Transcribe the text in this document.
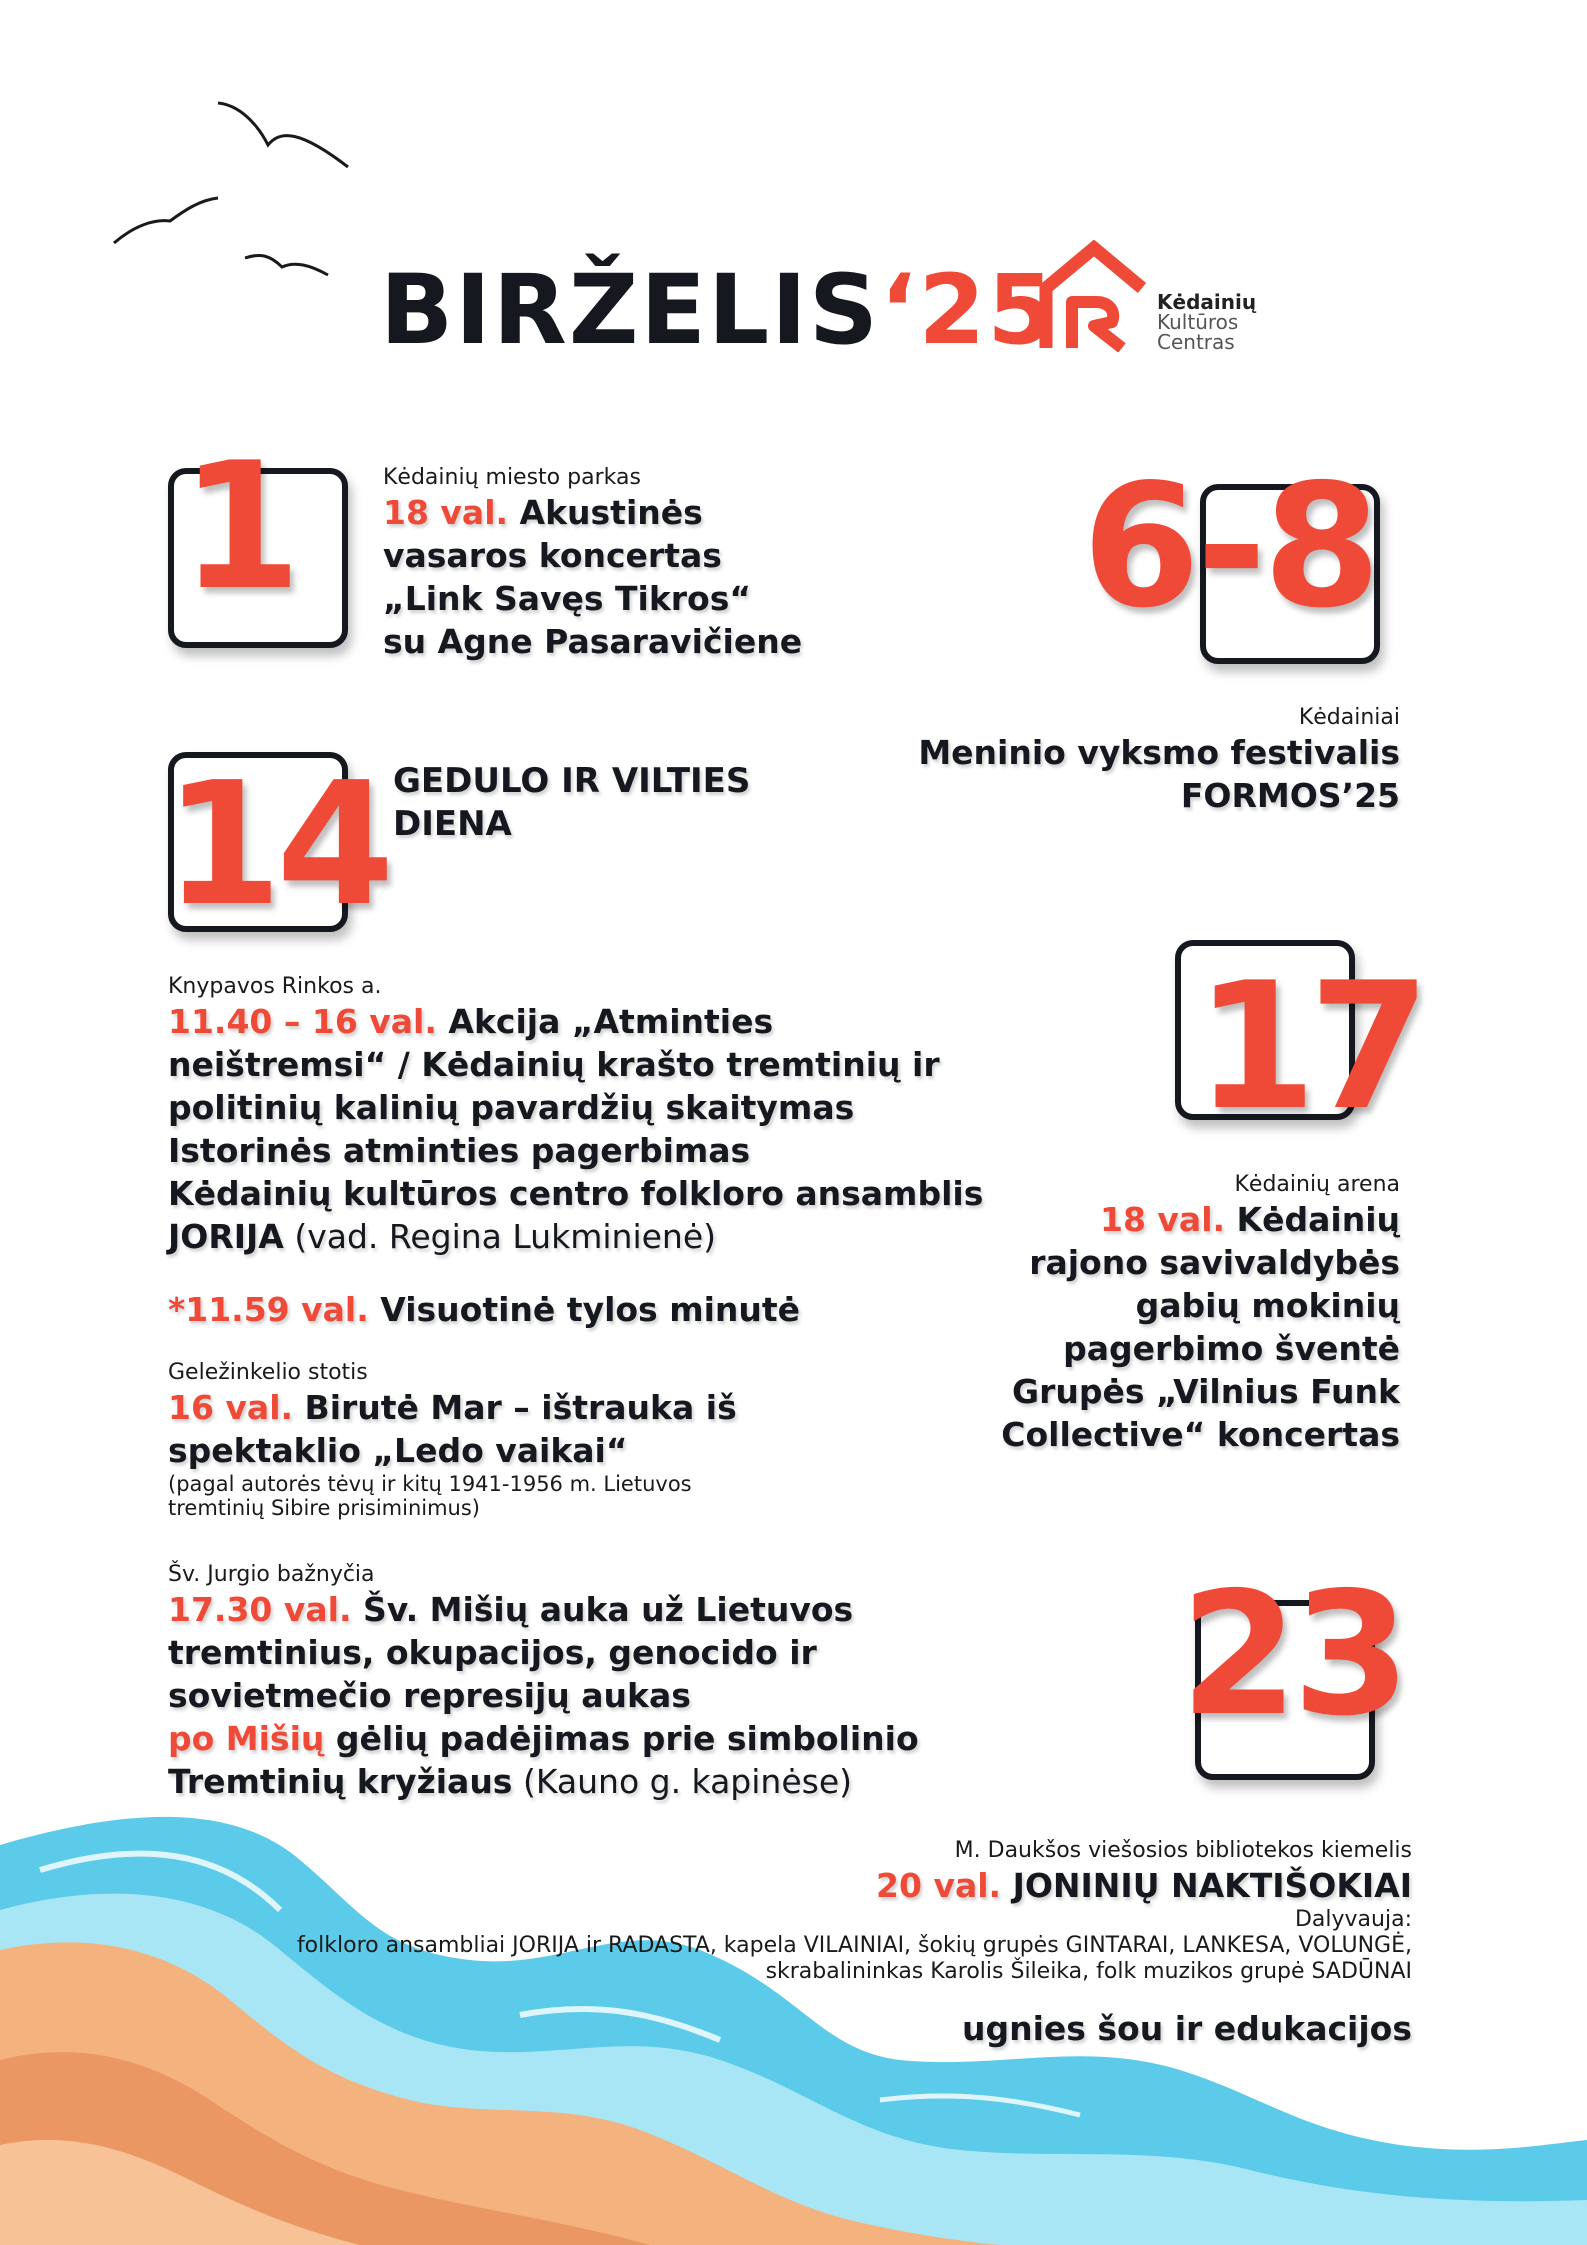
BIRŽELIS‘25	Kėdainių
Kultūros
Centras
1	Kėdainių miesto parkas
18 val. Akustinės
vasaros koncertas
„Link Savęs Tikros“
su Agne Pasaravičiene	6-8
Kėdainiai
Meninio vyksmo festivalis
FORMOS’25
14 GEDULO IR VILTIES
DIENA
Knypavos Rinkos a.
11.40 – 16 val. Akcija „Atminties
neištremsi“ / Kėdainių krašto tremtinių ir
politinių kalinių pavardžių skaitymas
Istorinės atminties pagerbimas
Kėdainių kultūros centro folkloro ansamblis
JORIJA (vad. Regina Lukminienė)
*11.59 val. Visuotinė tylos minutė
Geležinkelio stotis
16 val. Birutė Mar – ištrauka iš
spektaklio „Ledo vaikai“
(pagal autorės tėvų ir kitų 1941-1956 m. Lietuvos
tremtinių Sibire prisiminimus)
Šv. Jurgio bažnyčia
17.30 val. Šv. Mišių auka už Lietuvos
tremtinius, okupacijos, genocido ir
sovietmečio represijų aukas
po Mišių gėlių padėjimas prie simbolinio
Tremtinių kryžiaus (Kauno g. kapinėse)
17
Kėdainių arena
18 val. Kėdainių
rajono savivaldybės
gabių mokinių
pagerbimo šventė
Grupės „Vilnius Funk
Collective“ koncertas
23
M. Daukšos viešosios bibliotekos kiemelis
20 val. JONINIŲ NAKTIŠOKIAI
Dalyvauja:
folkloro ansambliai JORIJA ir RADASTA, kapela VILAINIAI, šokių grupės GINTARAI, LANKESA, VOLUNGĖ,
skrabalininkas Karolis Šileika, folk muzikos grupė SADŪNAI
ugnies šou ir edukacijos
